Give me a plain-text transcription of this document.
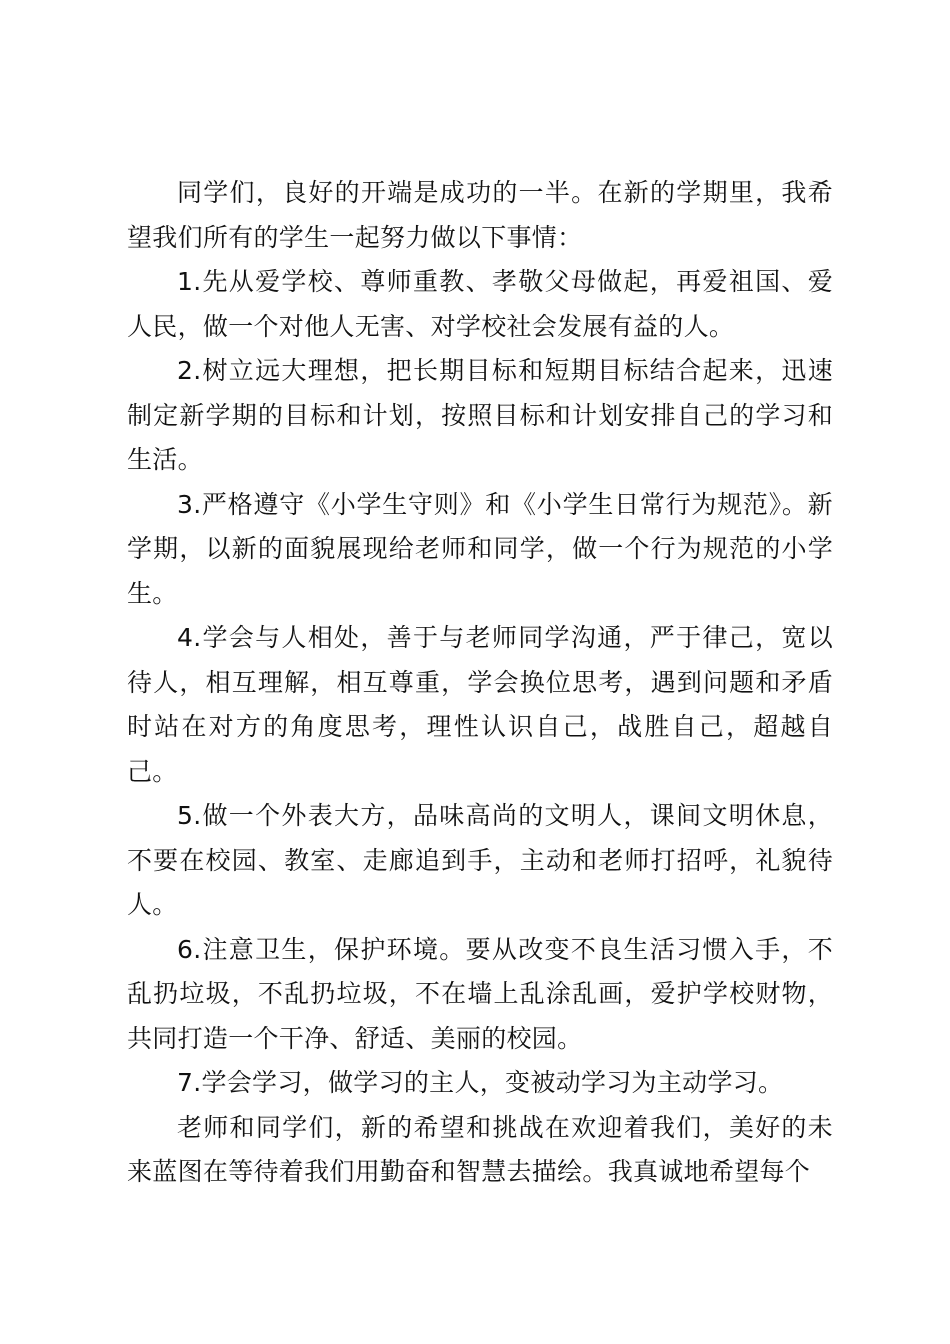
同学们，良好的开端是成功的一半。在新的学期里，我希望我们所有的学生一起努力做以下事情：

1.先从爱学校、尊师重教、孝敬父母做起，再爱祖国、爱人民，做一个对他人无害、对学校社会发展有益的人。

2.树立远大理想，把长期目标和短期目标结合起来，迅速制定新学期的目标和计划，按照目标和计划安排自己的学习和生活。

3.严格遵守《小学生守则》和《小学生日常行为规范》。新学期，以新的面貌展现给老师和同学，做一个行为规范的小学生。

4.学会与人相处，善于与老师同学沟通，严于律己，宽以待人，相互理解，相互尊重，学会换位思考，遇到问题和矛盾时站在对方的角度思考，理性认识自己，战胜自己，超越自己。

5.做一个外表大方，品味高尚的文明人，课间文明休息，不要在校园、教室、走廊追到手，主动和老师打招呼，礼貌待人。

6.注意卫生，保护环境。要从改变不良生活习惯入手，不乱扔垃圾，不乱扔垃圾，不在墙上乱涂乱画，爱护学校财物，共同打造一个干净、舒适、美丽的校园。

7.学会学习，做学习的主人，变被动学习为主动学习。

老师和同学们，新的希望和挑战在欢迎着我们，美好的未来蓝图在等待着我们用勤奋和智慧去描绘。我真诚地希望每个
